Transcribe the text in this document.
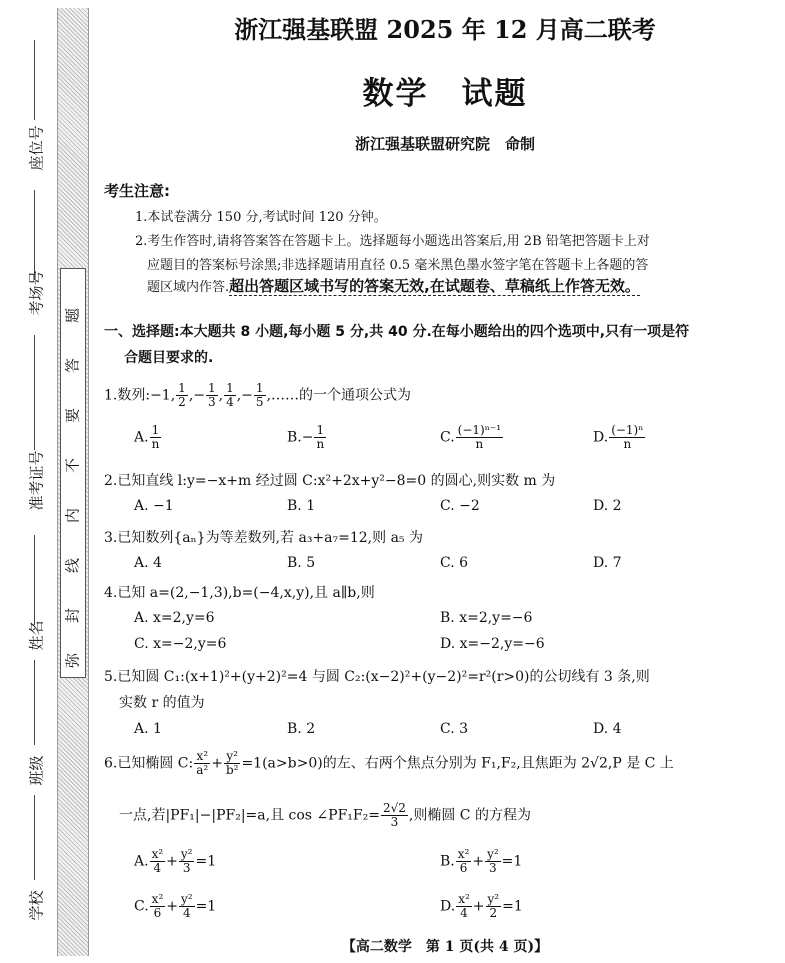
题
答
要
不
内
线
封
弥
座位号
考场号
准考证号
姓名
班级
学校
浙江强基联盟 2025 年 12 月高二联考
数学　试题
浙江强基联盟研究院　命制
考生注意:
1.本试卷满分 150 分,考试时间 120 分钟。
2.考生作答时,请将答案答在答题卡上。选择题每小题选出答案后,用 2B 铅笔把答题卡上对
应题目的答案标号涂黑;非选择题请用直径 0.5 毫米黑色墨水签字笔在答题卡上各题的答
题区域内作答.超出答题区域书写的答案无效,在试题卷、草稿纸上作答无效。
一、选择题:本大题共 8 小题,每小题 5 分,共 40 分.在每小题给出的四个选项中,只有一项是符
合题目要求的.
1.数列:−1, $\frac{1}{2}$ ,− $\frac{1}{3}$ , $\frac{1}{4}$ ,− $\frac{1}{5}$ ,……的一个通项公式为
A. $\frac{1}{n}$	$B.- \frac{1}{n}$	C. $\frac{\text{(−1)ⁿ⁻¹}}{n}$	D. $\frac{\text{(−1)ⁿ}}{n}$
2.已知直线 l:y=−x+m 经过圆 C:x²+2x+y²−8=0 的圆心,则实数 m 为
A. −1	B. 1	C. −2	D. 2
3.已知数列{aₙ}为等差数列,若 a₃+a₇=12,则 a₅ 为
A. 4	B. 5	C. 6	D. 7
4.已知 a=(2,−1,3),b=(−4,x,y),且 a∥b,则
A. x=2,y=6	B. x=2,y=−6
C. x=−2,y=6	D. x=−2,y=−6
5.已知圆 C₁:(x+1)²+(y+2)²=4 与圆 C₂:(x−2)²+(y−2)²=r²(r>0)的公切线有 3 条,则
实数 r 的值为
A. 1	B. 2	C. 3	D. 4
6.已知椭圆 C: $\frac{\text{x²}}{\text{a²}} + \frac{\text{y²}}{\text{b²}} =1(a>b>0)$的左、右两个焦点分别为 F₁,F₂,且焦距为 2√2,P 是 C 上
一点,若|PF₁|−|PF₂|=a,且 cos ∠PF₁F₂= $\frac{2√2}{3}$ ,则椭圆 C 的方程为
A. $\frac{\text{x²}}{4} + \frac{\text{y²}}{3} =1$	B. $\frac{\text{x²}}{6} + \frac{\text{y²}}{3} =1$
C. $\frac{\text{x²}}{6} + \frac{\text{y²}}{4} =1$	D. $\frac{\text{x²}}{4} + \frac{\text{y²}}{2} =1$
【高二数学　第 1 页(共 4 页)】
